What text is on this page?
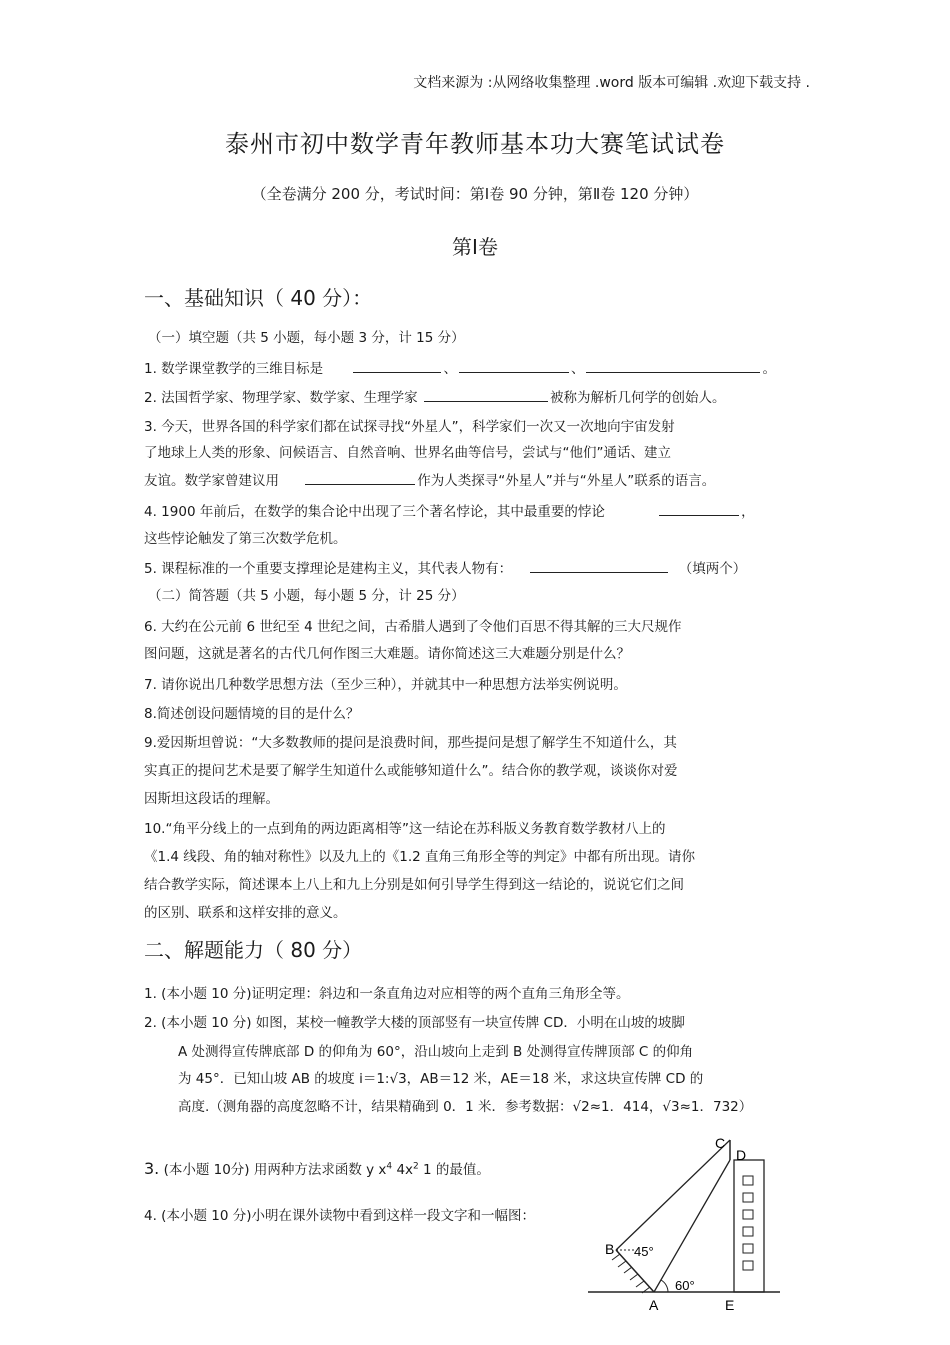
文档来源为 :从网络收集整理 .word 版本可编辑 .欢迎下载支持 .
泰州市初中数学青年教师基本功大赛笔试试卷
（全卷满分 200 分，考试时间：第Ⅰ卷 90 分钟，第Ⅱ卷 120 分钟）
第Ⅰ卷
一、基础知识（ 40 分）：
（一）填空题（共 5 小题，每小题 3 分，计 15 分）
1. 数学课堂教学的三维目标是	、	、	。
2. 法国哲学家、物理学家、数学家、生理学家	被称为解析几何学的创始人。
3. 今天，世界各国的科学家们都在试探寻找“外星人”，科学家们一次又一次地向宇宙发射
了地球上人类的形象、问候语言、自然音响、世界名曲等信号，尝试与“他们”通话、建立
友谊。数学家曾建议用	作为人类探寻“外星人”并与“外星人”联系的语言。
4. 1900 年前后，在数学的集合论中出现了三个著名悖论，其中最重要的悖论	，
这些悖论触发了第三次数学危机。
5. 课程标准的一个重要支撑理论是建构主义，其代表人物有：	（填两个）
（二）简答题（共 5 小题，每小题 5 分，计 25 分）
6. 大约在公元前 6 世纪至 4 世纪之间，古希腊人遇到了令他们百思不得其解的三大尺规作
图问题，这就是著名的古代几何作图三大难题。请你简述这三大难题分别是什么？
7. 请你说出几种数学思想方法（至少三种），并就其中一种思想方法举实例说明。
8.简述创设问题情境的目的是什么？
9.爱因斯坦曾说：“大多数教师的提问是浪费时间，那些提问是想了解学生不知道什么，其
实真正的提问艺术是要了解学生知道什么或能够知道什么”。结合你的教学观，谈谈你对爱
因斯坦这段话的理解。
10.“角平分线上的一点到角的两边距离相等”这一结论在苏科版义务教育数学教材八上的
《1.4 线段、角的轴对称性》以及九上的《1.2 直角三角形全等的判定》中都有所出现。请你
结合教学实际，简述课本上八上和九上分别是如何引导学生得到这一结论的，说说它们之间
的区别、联系和这样安排的意义。
二、解题能力（ 80 分）
1. (本小题 10 分)证明定理：斜边和一条直角边对应相等的两个直角三角形全等。
2. (本小题 10 分) 如图，某校一幢教学大楼的顶部竖有一块宣传牌 CD．小明在山坡的坡脚
A 处测得宣传牌底部 D 的仰角为 60°，沿山坡向上走到 B 处测得宣传牌顶部 C 的仰角
为 45°．已知山坡 AB 的坡度 i＝1:√3，AB＝12 米，AE＝18 米，求这块宣传牌 CD 的
高度.（测角器的高度忽略不计，结果精确到 0．1 米．参考数据：√2≈1．414，√3≈1．732）
3. (本小题 10分) 用两种方法求函数 y $x^4$ $4x^2$ 1 的最值。
4. (本小题 10 分)小明在课外读物中看到这样一段文字和一幅图：
C
D
B
A	E
45°
60°
